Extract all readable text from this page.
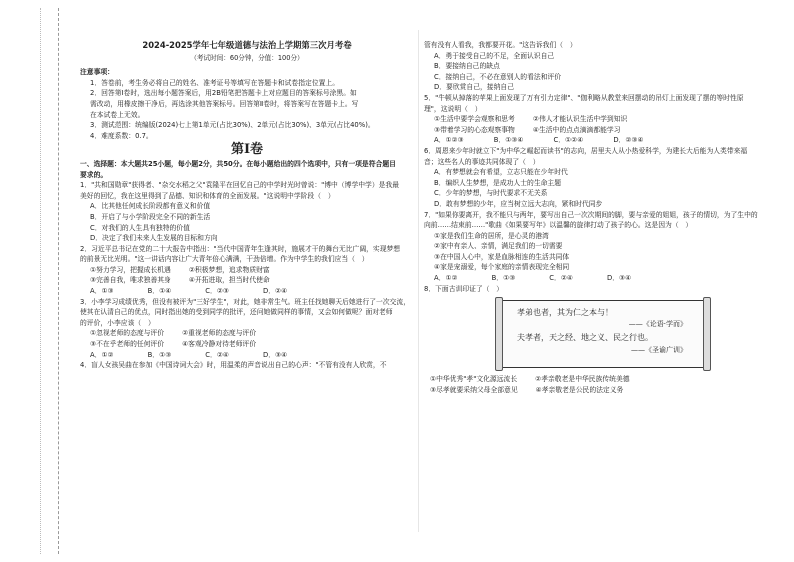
2024-2025学年七年级道德与法治上学期第三次月考卷
（考试时间：60分钟，分值：100分）

注意事项：

1．答卷前，考生务必将自己的姓名、准考证号等填写在答题卡和试卷指定位置上。

2．回答第Ⅰ卷时，选出每小题答案后，用2B铅笔把答题卡上对应题目的答案标号涂黑。如

需改动，用橡皮擦干净后，再选涂其他答案标号。回答第Ⅱ卷时，将答案写在答题卡上。写

在本试卷上无效。

3．测试范围：统编版(2024)七上第1单元(占比30%)、2单元(占比30%)、3单元(占比40%)。

4．难度系数：0.7。

第Ⅰ卷

一、选择题：本大题共25小题，每小题2分，共50分。在每小题给出的四个选项中，只有一项是符合题目

要求的。

1．"共和国勋章"获得者、"杂交水稻之父"袁隆平在回忆自己的中学时光时曾说："博中（博学中学）是我最

美好的回忆，我在这里得到了品德、知识和体育的全面发展。"这说明中学阶段（　）

A．比其他任何成长阶段都有意义和价值

B．开启了与小学阶段完全不同的新生活

C．对我们的人生具有独特的价值

D．决定了我们未来人生发展的目标和方向

2．习近平总书记在党的二十大报告中指出："当代中国青年生逢其时，施展才干的舞台无比广阔，实现梦想

的前景无比光明。"这一讲话内容让广大青年倍心满满，干劲倍增。作为中学生的我们应当（　）

①努力学习，把握成长机遇	②积极梦想，追求物质财富
③完善自我，唯求独善其身	④开拓进取，担当时代使命
A．①③	B．①④	C．②③	D．②④

3．小李学习成绩优秀，但没有被评为"三好学生"，对此，她非常生气。班主任找她聊天后她进行了一次交流，

使其在认清自己的优点，同时指出她的受到同学的批评，还问她做同样的事情，又会如何做呢？面对老师

的评价，小李应该（　）

①忽视老师的态度与评价	②重视老师的态度与评价
③不在乎老师的任何评价	④客观冷静对待老师评价
A．①②	B．①③	C．②④	D．③④

4．盲人女孩吴曲在参加《中国诗词大会》时，用温柔的声音说出自己的心声："不管有没有人欣赏，不

管有没有人看我，我都要开花。"这告诉我们（　）

A．勇于接受自己的不足，全面认识自己

B．要接纳自己的缺点

C．接纳自己，不必在意别人的看法和评价

D．要欣赏自己，接纳自己

5．"牛顿从掉落的苹果上面发现了万有引力定律"、"伽利略从教堂来回摆动的吊灯上面发现了摆的等时性原

理"，这说明（　）

①生活中要学会观察和思考	②伟人才能认识生活中学到知识
③带着学习的心态观察事物	④生活中的点点滴滴都能学习
A．①②③	B．①③④	C．①②④	D．②③④

6．周恩来少年时就立下"为中华之崛起而读书"的志向，居里夫人从小热爱科学，为建长大后能为人类带来福

音；这些名人的事迹共同体现了（　）

A．有梦想就会有希望，立志只能在少年时代

B．编织人生梦想，是成功人士的生命主题

C．少年的梦想，与时代要求不无关系

D．敢有梦想的少年，应当树立远大志向，紧和时代同步

7．"如果你要离开，我不能只与两年，要写出自己一次次期间的脚，要与亲爱的姐姐，孩子的情切，为了生中的

向前……结束前……"歌曲《如果要写年》以温馨的旋律打动了孩子的心。这是因为（　）

①家是我们生命的居所，是心灵的港湾

②家中有亲人、亲情，满足我们的一切需要

③在中国人心中，家是血脉相连的生活共同体

④家是宠溺爱，每个家庭的亲情表现完全相同

A．①②	B．①③	C．②④	D．③④

8．下面古训印证了（　）

孝弟也者，其为仁之本与！
——《论语·学而》
夫孝者，天之经、地之义、民之行也。
——《圣谕广训》
①中华优秀"孝"文化源远流长	②孝亲敬老是中华民族传统美德
③尽孝就要采纳父母全部意见	④孝亲敬老是公民的法定义务
